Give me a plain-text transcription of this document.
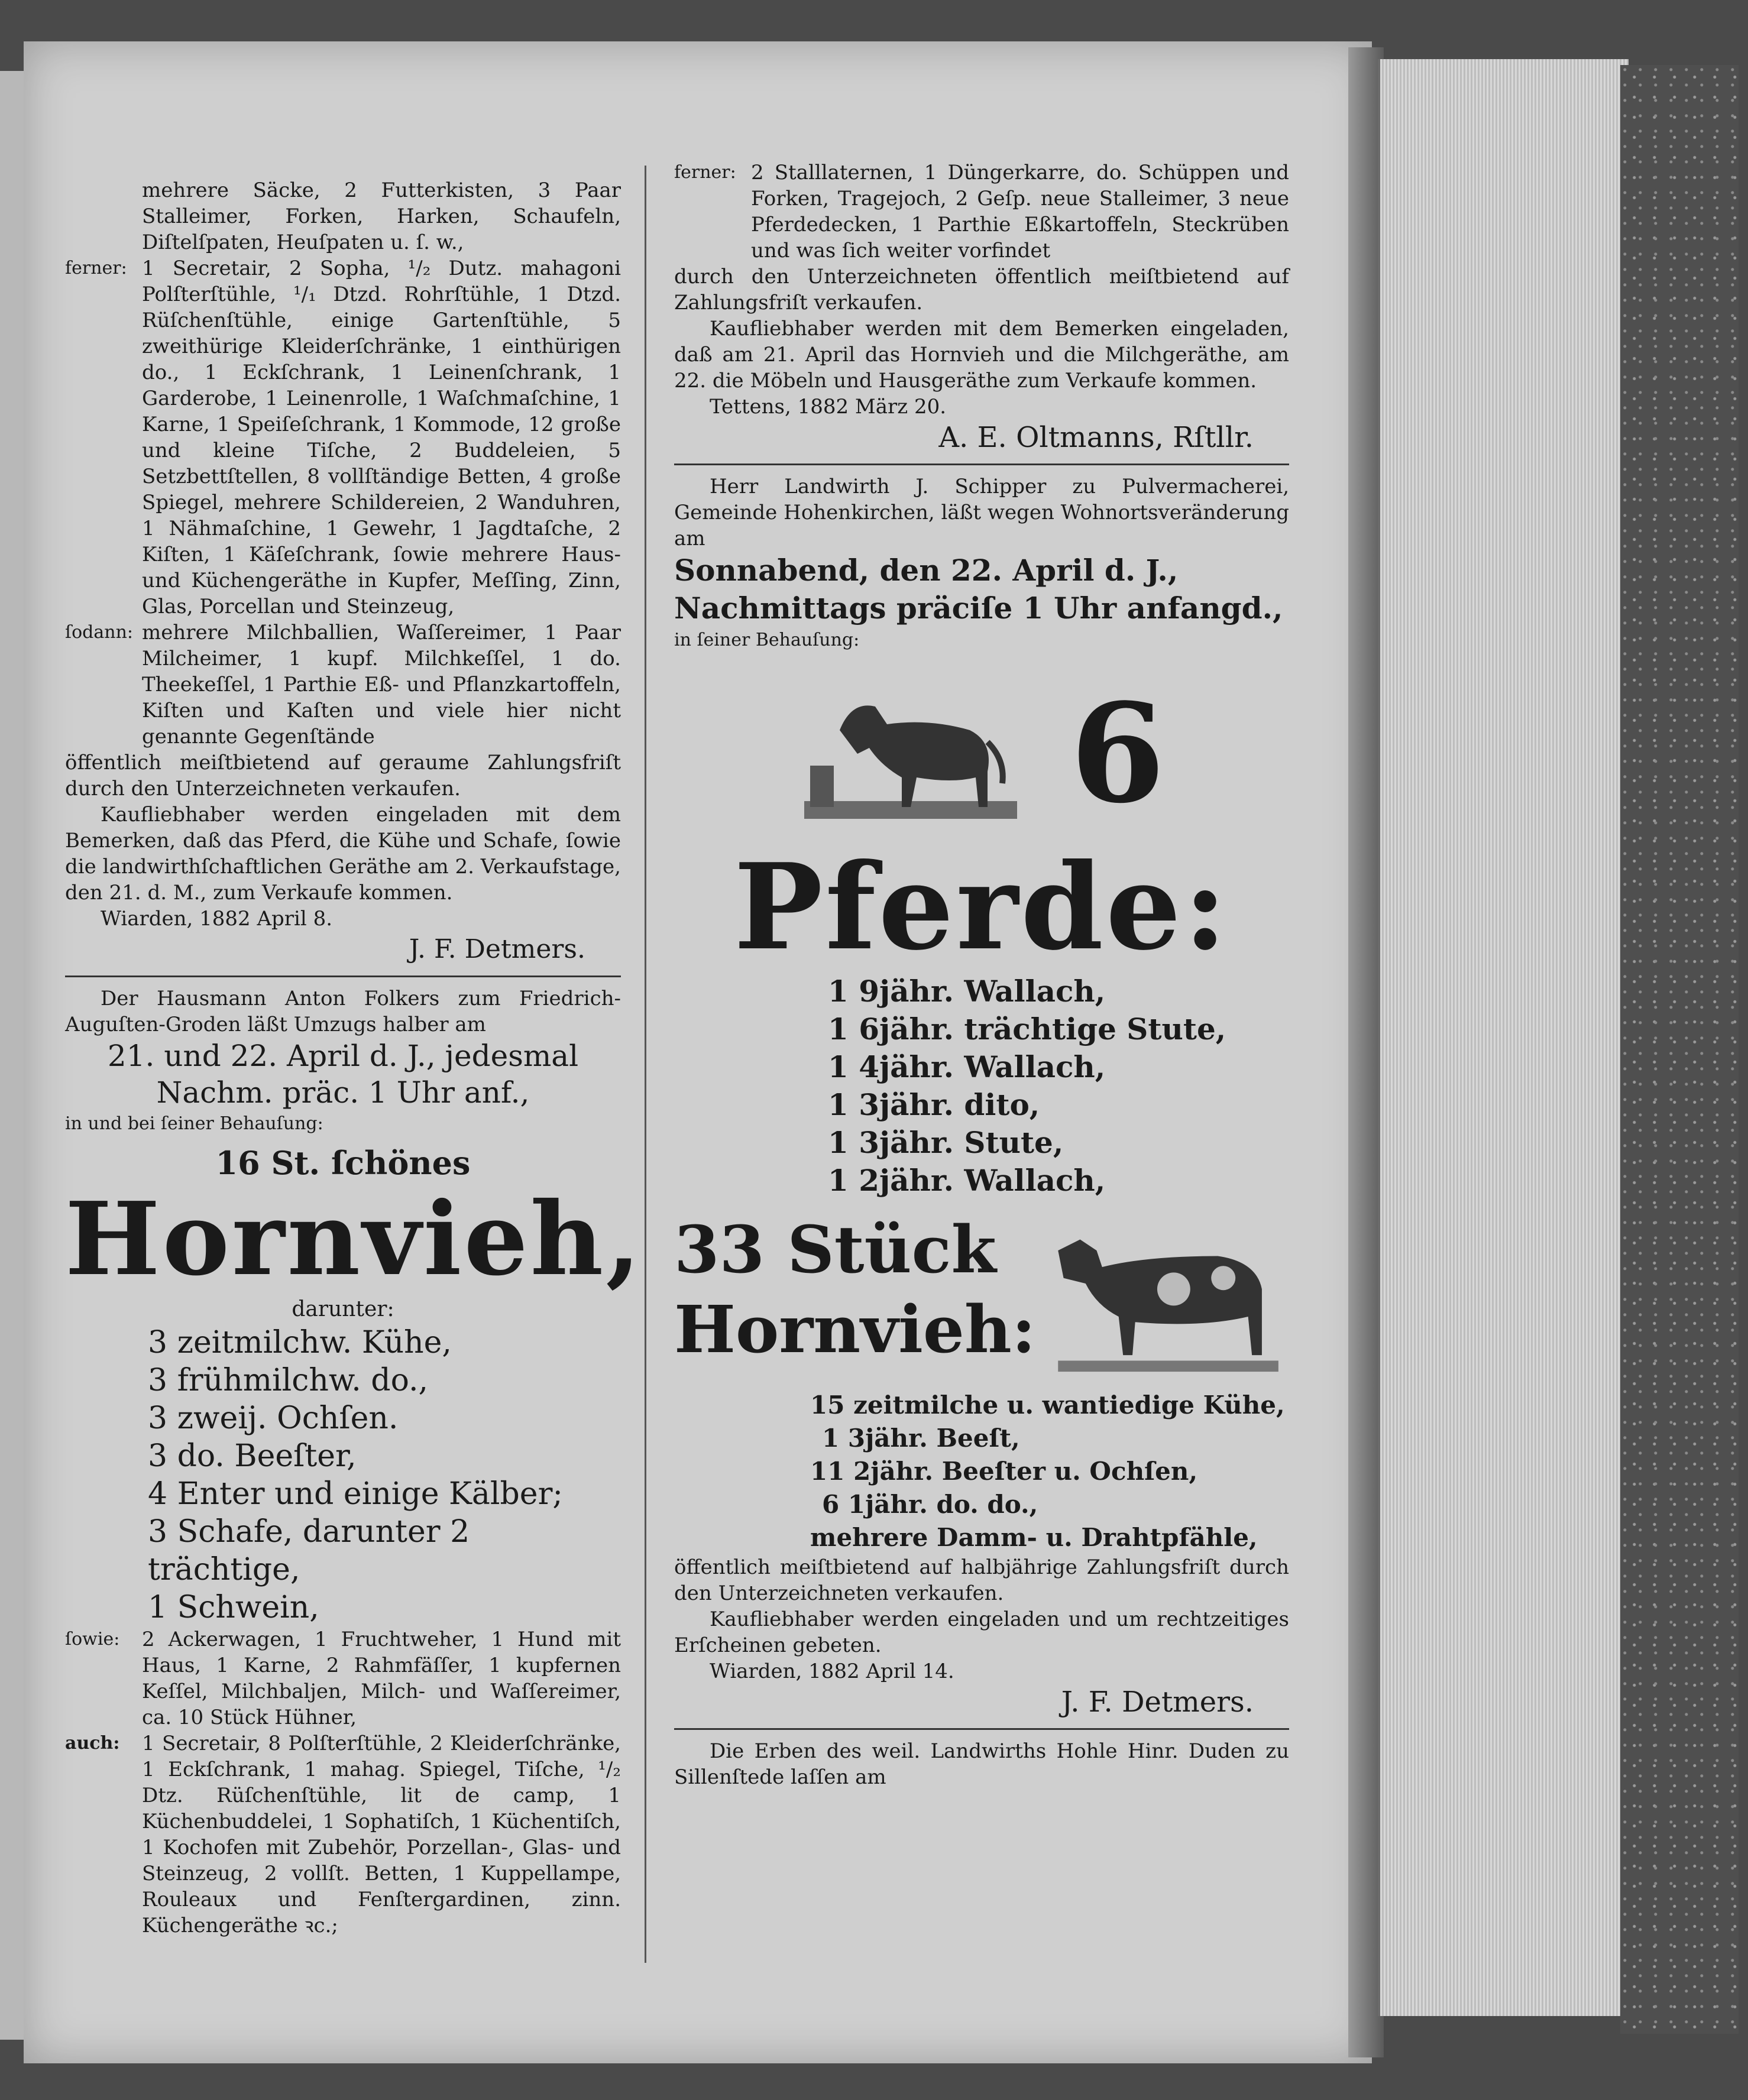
mehrere Säcke, 2 Futterkisten, 3 Paar Stalleimer, Forken, Harken, Schaufeln, Diſtelſpaten, Heuſpaten u. ſ. w.,

ferner: 1 Secretair, 2 Sopha, ¹/₂ Dutz. mahagoni Polſterſtühle, ¹/₁ Dtzd. Rohrſtühle, 1 Dtzd. Rüſchenſtühle, einige Gartenſtühle, 5 zweithürige Kleiderſchränke, 1 einthürigen do., 1 Eckſchrank, 1 Leinenſchrank, 1 Garderobe, 1 Leinenrolle, 1 Waſchmaſchine, 1 Karne, 1 Speiſeſchrank, 1 Kommode, 12 große und kleine Tiſche, 2 Buddeleien, 5 Setzbettſtellen, 8 vollſtändige Betten, 4 große Spiegel, mehrere Schildereien, 2 Wanduhren, 1 Nähmaſchine, 1 Gewehr, 1 Jagdtaſche, 2 Kiſten, 1 Käſeſchrank, ſowie mehrere Haus- und Küchengeräthe in Kupfer, Meſſing, Zinn, Glas, Porcellan und Steinzeug,
ſodann: mehrere Milchballien, Waſſereimer, 1 Paar Milcheimer, 1 kupf. Milchkeſſel, 1 do. Theekeſſel, 1 Parthie Eß- und Pflanzkartoffeln, Kiſten und Kaſten und viele hier nicht genannte Gegenſtände

öffentlich meiſtbietend auf geraume Zahlungsfriſt durch den Unterzeichneten verkaufen.

Kaufliebhaber werden eingeladen mit dem Bemerken, daß das Pferd, die Kühe und Schafe, ſowie die landwirthſchaftlichen Geräthe am 2. Verkaufstage, den 21. d. M., zum Verkaufe kommen.

Wiarden, 1882 April 8.

J. F. Detmers.

Der Hausmann Anton Folkers zum Friedrich-Auguſten-Groden läßt Umzugs halber am

21. und 22. April d. J., jedesmal Nachm. präc. 1 Uhr anf.,

in und bei ſeiner Behauſung:

16 St. ſchönes
Hornvieh,
darunter:
3 zeitmilchw. Kühe,
3 frühmilchw. do.,
3 zweij. Ochſen.
3 do. Beeſter,
4 Enter und einige Kälber;
3 Schafe, darunter 2 trächtige,
1 Schwein,
ſowie:	2 Ackerwagen, 1 Fruchtweher, 1 Hund mit Haus, 1 Karne, 2 Rahmfäſſer, 1 kupfernen Keſſel, Milchbaljen, Milch- und Waſſereimer, ca. 10 Stück Hühner,
auch:	1 Secretair, 8 Polſterſtühle, 2 Kleiderſchränke, 1 Eckſchrank, 1 mahag. Spiegel, Tiſche, ¹/₂ Dtz. Rüſchenſtühle, lit de camp, 1 Küchenbuddelei, 1 Sophatiſch, 1 Küchentiſch, 1 Kochofen mit Zubehör, Porzellan-, Glas- und Steinzeug, 2 vollſt. Betten, 1 Kuppellampe, Rouleaux und Fenſtergardinen, zinn. Küchengeräthe ꝛc.;
ferner: 2 Stalllaternen, 1 Düngerkarre, do. Schüppen und Forken, Tragejoch, 2 Geſp. neue Stalleimer, 3 neue Pferdedecken, 1 Parthie Eßkartoffeln, Steckrüben und was ſich weiter vorfindet

durch den Unterzeichneten öffentlich meiſtbietend auf Zahlungsfriſt verkaufen.

Kaufliebhaber werden mit dem Bemerken eingeladen, daß am 21. April das Hornvieh und die Milchgeräthe, am 22. die Möbeln und Hausgeräthe zum Verkaufe kommen.

Tettens, 1882 März 20.

A. E. Oltmanns, Rſtllr.

Herr Landwirth J. Schipper zu Pulvermacherei, Gemeinde Hohenkirchen, läßt wegen Wohnortsveränderung am

Sonnabend, den 22. April d. J.,
Nachmittags präciſe 1 Uhr anfangd.,

in ſeiner Behauſung:

6
Pferde:
1 9jähr. Wallach,
1 6jähr. trächtige Stute,
1 4jähr. Wallach,
1 3jähr. dito,
1 3jähr. Stute,
1 2jähr. Wallach,
33 Stück
Hornvieh:
15 zeitmilche u. wantiedige Kühe,
1 3jähr. Beeſt,
11 2jähr. Beeſter u. Ochſen,
6 1jähr. do. do.,
mehrere Damm- u. Drahtpfähle,

öffentlich meiſtbietend auf halbjährige Zahlungsfriſt durch den Unterzeichneten verkaufen.

Kaufliebhaber werden eingeladen und um rechtzeitiges Erſcheinen gebeten.

Wiarden, 1882 April 14.

J. F. Detmers.

Die Erben des weil. Landwirths Hohle Hinr. Duden zu Sillenſtede laſſen am
